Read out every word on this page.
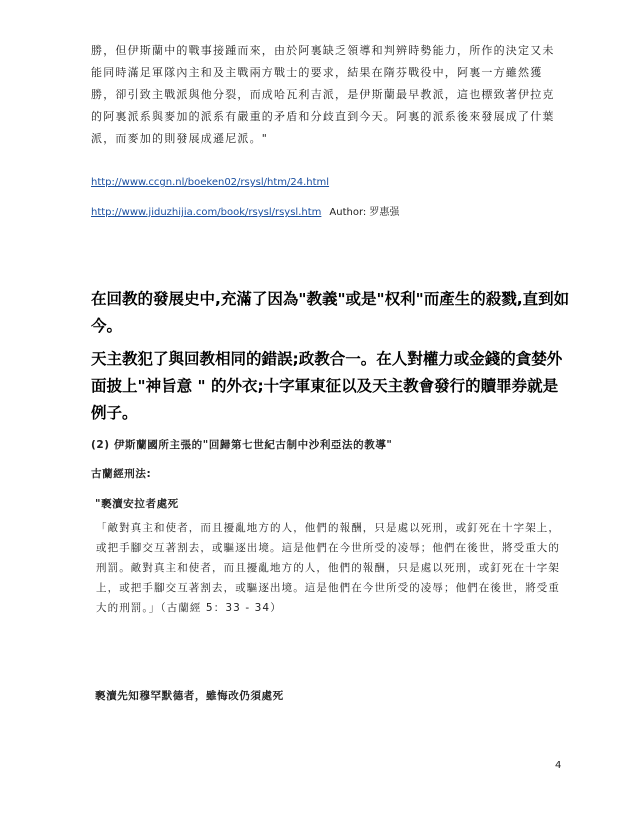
勝，但伊斯蘭中的戰事接踵而來，由於阿裏缺乏領導和判辨時勢能力，所作的決定又未能同時滿足軍隊內主和及主戰兩方戰士的要求，結果在隋芬戰役中，阿裏一方雖然獲勝，卻引致主戰派與他分裂，而成哈瓦利吉派，是伊斯蘭最早教派，這也標致著伊拉克的阿裏派系與麥加的派系有嚴重的矛盾和分歧直到今天。阿裏的派系後來發展成了什葉派，而麥加的則發展成遜尼派。"

http://www.ccgn.nl/boeken02/rsysl/htm/24.html
http://www.jiduzhijia.com/book/rsysl/rsysl.htm Author: 罗惠强

在回教的發展史中,充滿了因為"教義"或是"权利"而產生的殺戮,直到如今。

天主教犯了與回教相同的錯誤;政教合一。在人對權力或金錢的貪婪外面披上"神旨意 " 的外衣;十字軍東征以及天主教會發行的贖罪券就是例子。

(2) 伊斯蘭國所主張的"回歸第七世紀古制中沙利亞法的教導"
古蘭經刑法:
"褻瀆安拉者處死

「敵對真主和使者，而且擾亂地方的人，他們的報酬，只是處以死刑，或釘死在十字架上，或把手腳交互著割去，或驅逐出境。這是他們在今世所受的凌辱；他們在後世，將受重大的刑罰。敵對真主和使者，而且擾亂地方的人，他們的報酬，只是處以死刑，或釘死在十字架上，或把手腳交互著割去，或驅逐出境。這是他們在今世所受的凌辱；他們在後世，將受重大的刑罰。」（古蘭經 5：33 - 34）

褻瀆先知穆罕默德者，雖悔改仍須處死
4
